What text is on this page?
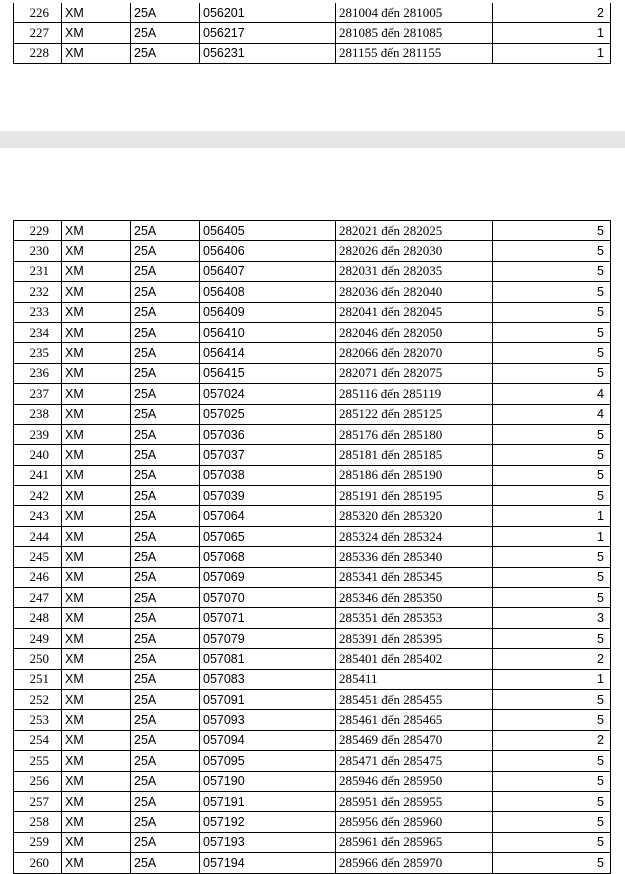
226	XM	25A	056201	281004 đến 281005	2
227	XM	25A	056217	281085 đến 281085	1
228	XM	25A	056231	281155 đến 281155	1
229	XM	25A	056405	282021 đến 282025	5
230	XM	25A	056406	282026 đến 282030	5
231	XM	25A	056407	282031 đến 282035	5
232	XM	25A	056408	282036 đến 282040	5
233	XM	25A	056409	282041 đến 282045	5
234	XM	25A	056410	282046 đến 282050	5
235	XM	25A	056414	282066 đến 282070	5
236	XM	25A	056415	282071 đến 282075	5
237	XM	25A	057024	285116 đến 285119	4
238	XM	25A	057025	285122 đến 285125	4
239	XM	25A	057036	285176 đến 285180	5
240	XM	25A	057037	285181 đến 285185	5
241	XM	25A	057038	285186 đến 285190	5
242	XM	25A	057039	285191 đến 285195	5
243	XM	25A	057064	285320 đến 285320	1
244	XM	25A	057065	285324 đến 285324	1
245	XM	25A	057068	285336 đến 285340	5
246	XM	25A	057069	285341 đến 285345	5
247	XM	25A	057070	285346 đến 285350	5
248	XM	25A	057071	285351 đến 285353	3
249	XM	25A	057079	285391 đến 285395	5
250	XM	25A	057081	285401 đến 285402	2
251	XM	25A	057083	285411	1
252	XM	25A	057091	285451 đến 285455	5
253	XM	25A	057093	285461 đến 285465	5
254	XM	25A	057094	285469 đến 285470	2
255	XM	25A	057095	285471 đến 285475	5
256	XM	25A	057190	285946 đến 285950	5
257	XM	25A	057191	285951 đến 285955	5
258	XM	25A	057192	285956 đến 285960	5
259	XM	25A	057193	285961 đến 285965	5
260	XM	25A	057194	285966 đến 285970	5
